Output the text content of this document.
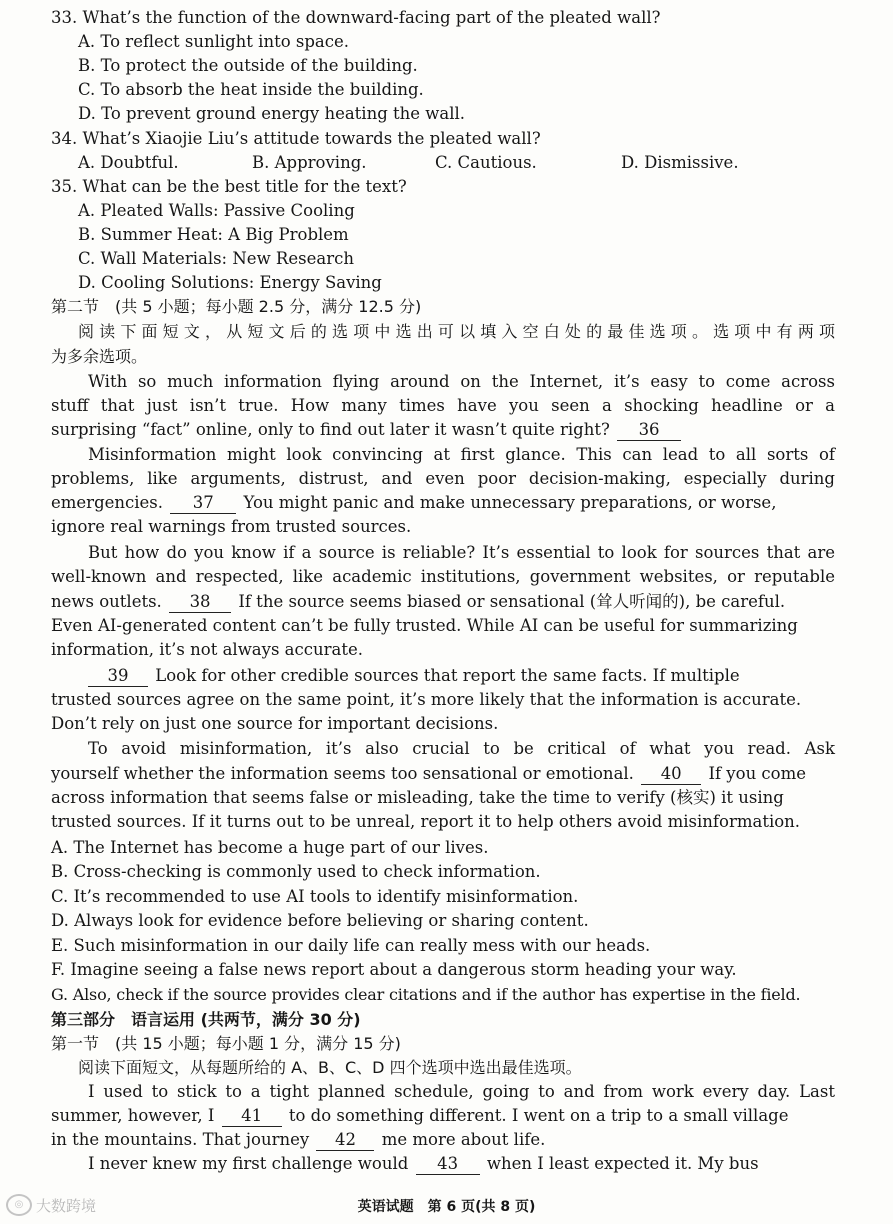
33. What’s the function of the downward-facing part of the pleated wall?
A. To reflect sunlight into space.
B. To protect the outside of the building.
C. To absorb the heat inside the building.
D. To prevent ground energy heating the wall.
34. What’s Xiaojie Liu’s attitude towards the pleated wall?
A. Doubtful.	B. Approving.	C. Cautious.	D. Dismissive.
35. What can be the best title for the text?
A. Pleated Walls: Passive Cooling
B. Summer Heat: A Big Problem
C. Wall Materials: New Research
D. Cooling Solutions: Energy Saving
第二节　(共 5 小题；每小题 2.5 分，满分 12.5 分)
阅读下面短文，从短文后的选项中选出可以填入空白处的最佳选项。选项中有两项
为多余选项。
With so much information flying around on the Internet, it’s easy to come across
stuff that just isn’t true. How many times have you seen a shocking headline or a
surprising “fact” online, only to find out later it wasn’t quite right? 36
Misinformation might look convincing at first glance. This can lead to all sorts of
problems, like arguments, distrust, and even poor decision-making, especially during
emergencies. 37 You might panic and make unnecessary preparations, or worse,
ignore real warnings from trusted sources.
But how do you know if a source is reliable? It’s essential to look for sources that are
well-known and respected, like academic institutions, government websites, or reputable
news outlets. 38 If the source seems biased or sensational (耸人听闻的), be careful.
Even AI-generated content can’t be fully trusted. While AI can be useful for summarizing
information, it’s not always accurate.
39 Look for other credible sources that report the same facts. If multiple
trusted sources agree on the same point, it’s more likely that the information is accurate.
Don’t rely on just one source for important decisions.
To avoid misinformation, it’s also crucial to be critical of what you read. Ask
yourself whether the information seems too sensational or emotional. 40 If you come
across information that seems false or misleading, take the time to verify (核实) it using
trusted sources. If it turns out to be unreal, report it to help others avoid misinformation.
A. The Internet has become a huge part of our lives.
B. Cross-checking is commonly used to check information.
C. It’s recommended to use AI tools to identify misinformation.
D. Always look for evidence before believing or sharing content.
E. Such misinformation in our daily life can really mess with our heads.
F. Imagine seeing a false news report about a dangerous storm heading your way.
G. Also, check if the source provides clear citations and if the author has expertise in the field.
第三部分　语言运用 (共两节，满分 30 分)
第一节　(共 15 小题；每小题 1 分，满分 15 分)
阅读下面短文，从每题所给的 A、B、C、D 四个选项中选出最佳选项。
I used to stick to a tight planned schedule, going to and from work every day. Last
summer, however, I 41 to do something different. I went on a trip to a small village
in the mountains. That journey 42 me more about life.
I never knew my first challenge would 43 when I least expected it. My bus
英语试题　第 6 页(共 8 页)
◎ 大数跨境
